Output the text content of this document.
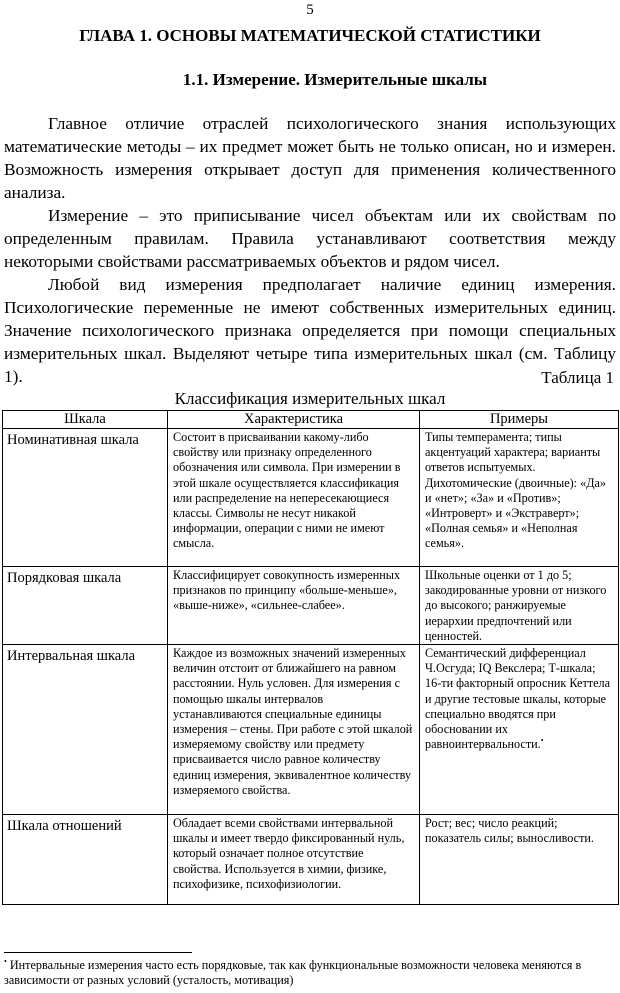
5
ГЛАВА 1. ОСНОВЫ МАТЕМАТИЧЕСКОЙ СТАТИСТИКИ
1.1. Измерение. Измерительные шкалы

Главное отличие отраслей психологического знания использующих математические методы – их предмет может быть не только описан, но и измерен. Возможность измерения открывает доступ для применения количественного анализа.

Измерение – это приписывание чисел объектам или их свойствам по определенным правилам. Правила устанавливают соответствия между некоторыми свойствами рассматриваемых объектов и рядом чисел.

Любой вид измерения предполагает наличие единиц измерения. Психологические переменные не имеют собственных измерительных единиц. Значение психологического признака определяется при помощи специальных измерительных шкал. Выделяют четыре типа измерительных шкал (см. Таблицу 1).	Таблица 1
Классификация измерительных шкал
Шкала	Характеристика	Примеры
Номинативная шкала	Состоит в присваивании какому-либо свойству или признаку определенного обозначения или символа. При измерении в этой шкале осуществляется классификация или распределение на непересекающиеся классы. Символы не несут никакой информации, операции с ними не имеют смысла.	Типы темперамента; типы акцентуаций характера; варианты ответов испытуемых. Дихотомические (двоичные): «Да» и «нет»; «За» и «Против»; «Интроверт» и «Экстраверт»; «Полная семья» и «Неполная семья».
Порядковая шкала	Классифицирует совокупность измеренных признаков по принципу «больше-меньше», «выше-ниже», «сильнее-слабее».	Школьные оценки от 1 до 5; закодированные уровни от низкого до высокого; ранжируемые иерархии предпочтений или ценностей.
Интервальная шкала	Каждое из возможных значений измеренных величин отстоит от ближайшего на равном расстоянии. Нуль условен. Для измерения с помощью шкалы интервалов устанавливаются специальные единицы измерения – стены. При работе с этой шкалой измеряемому свойству или предмету присваивается число равное количеству единиц измерения, эквивалентное количеству измеряемого свойства.	Семантический дифференциал Ч.Осгуда; IQ Векслера; Т-шкала; 16-ти факторный опросник Кеттела и другие тестовые шкалы, которые специально вводятся при обосновании их равноинтервальности.•
Шкала отношений	Обладает всеми свойствами интервальной шкалы и имеет твердо фиксированный нуль, который означает полное отсутствие свойства. Используется в химии, физике, психофизике, психофизиологии.	Рост; вес; число реакций; показатель силы; выносливости.
• Интервальные измерения часто есть порядковые, так как функциональные возможности человека меняются в зависимости от разных условий (усталость, мотивация)
